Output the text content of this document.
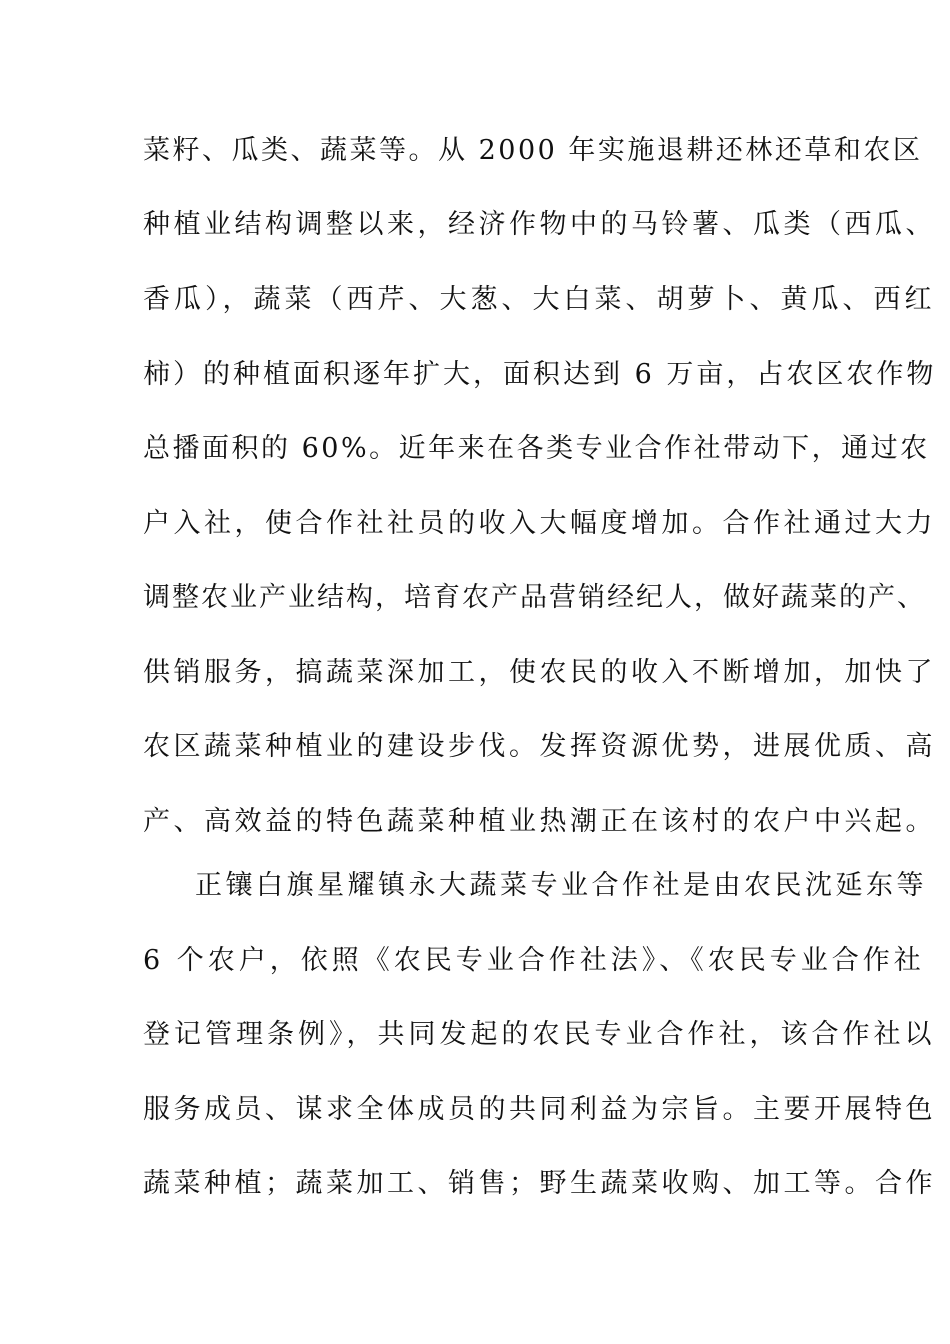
菜籽、瓜类、蔬菜等。从 2000 年实施退耕还林还草和农区
种植业结构调整以来，经济作物中的马铃薯、瓜类（西瓜、
香瓜），蔬菜（西芹、大葱、大白菜、胡萝卜、黄瓜、西红
柿）的种植面积逐年扩大，面积达到 6 万亩，占农区农作物
总播面积的 60%。近年来在各类专业合作社带动下，通过农
户入社，使合作社社员的收入大幅度增加。合作社通过大力
调整农业产业结构，培育农产品营销经纪人，做好蔬菜的产、
供销服务，搞蔬菜深加工，使农民的收入不断增加，加快了
农区蔬菜种植业的建设步伐。发挥资源优势，进展优质、高
产、高效益的特色蔬菜种植业热潮正在该村的农户中兴起。
正镶白旗星耀镇永大蔬菜专业合作社是由农民沈延东等
6 个农户，依照《农民专业合作社法》、《农民专业合作社
登记管理条例》，共同发起的农民专业合作社，该合作社以
服务成员、谋求全体成员的共同利益为宗旨。主要开展特色
蔬菜种植；蔬菜加工、销售；野生蔬菜收购、加工等。合作
